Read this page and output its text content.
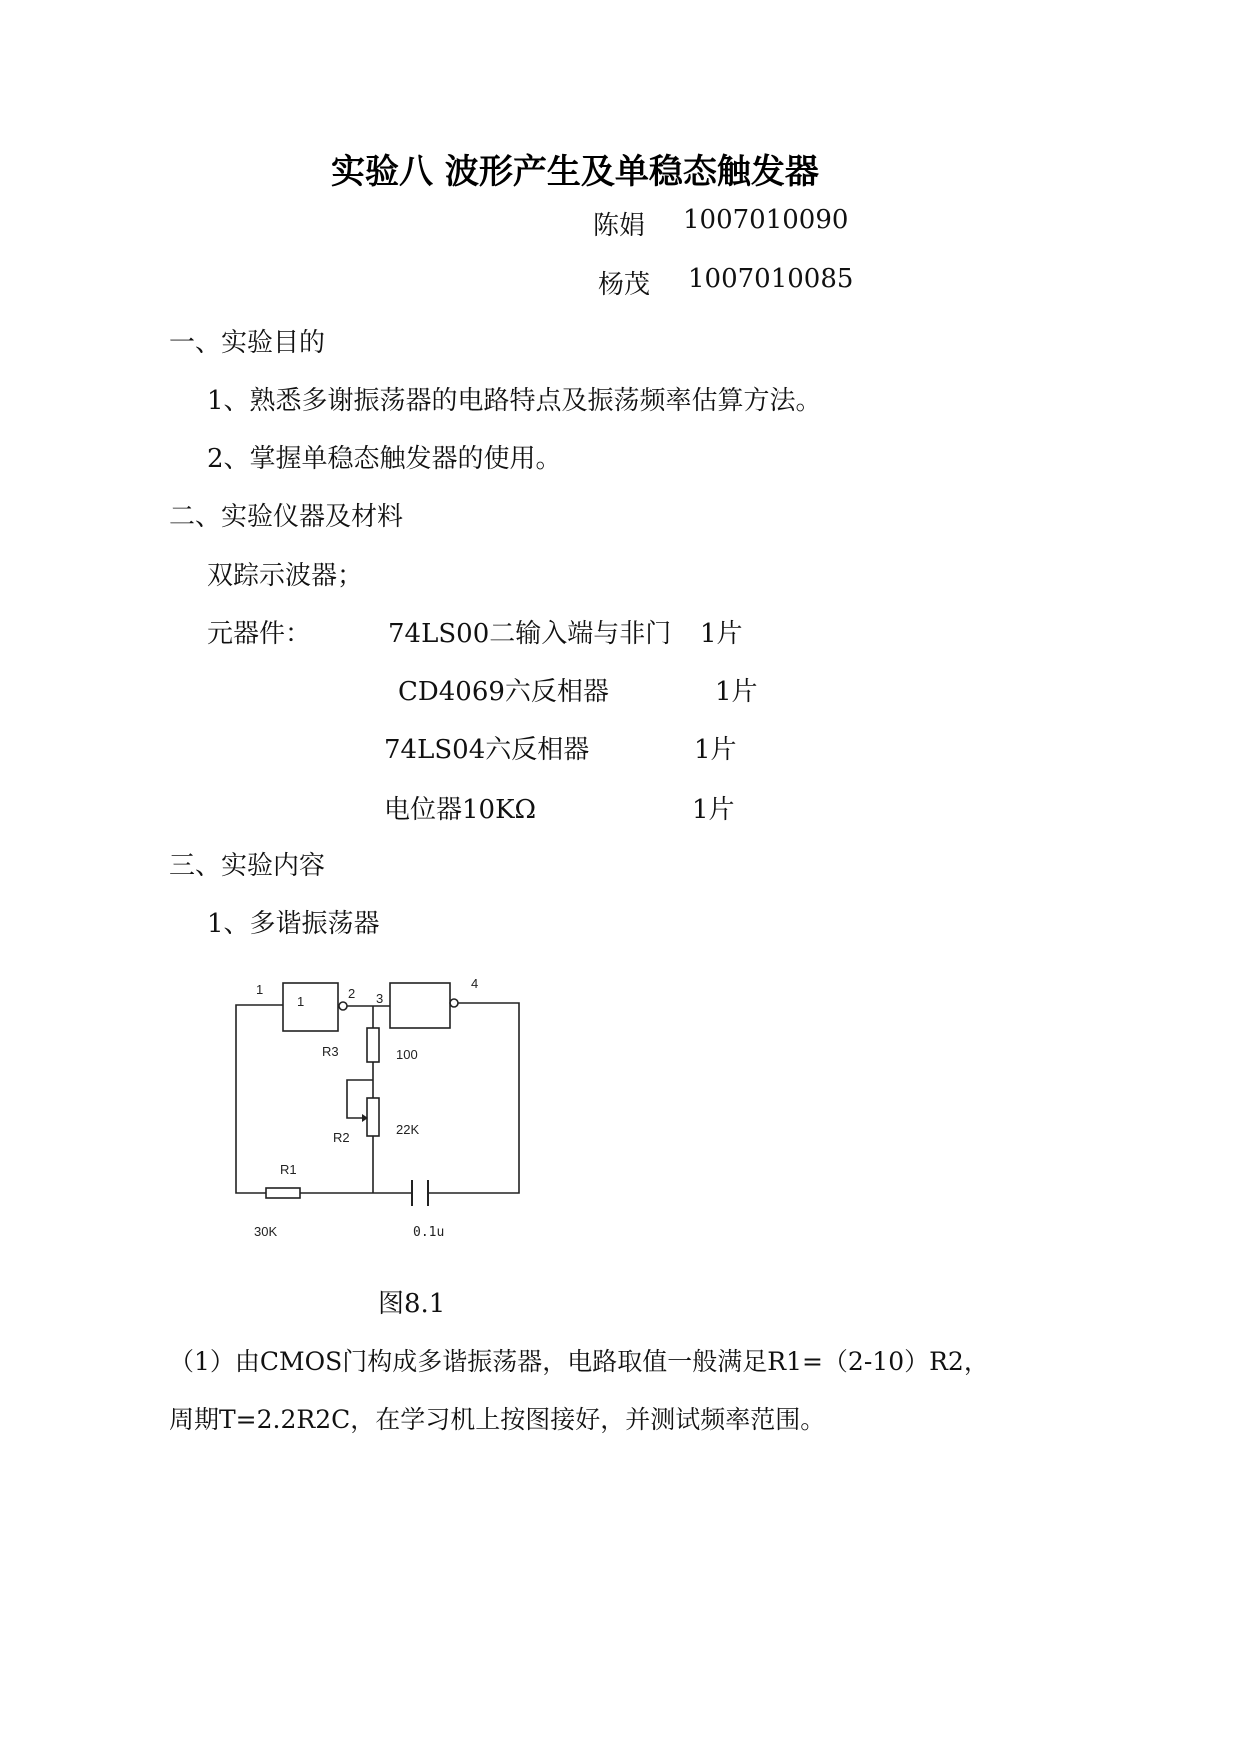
实验八 波形产生及单稳态触发器
陈娟 1007010090
杨茂 1007010085
一、实验目的
1、熟悉多谢振荡器的电路特点及振荡频率估算方法。
2、掌握单稳态触发器的使用。
二、实验仪器及材料
双踪示波器；
元器件：	74LS00二输入端与非门 1片
CD4069六反相器	1片
74LS04六反相器	1片
电位器10KΩ	1片
三、实验内容
1、多谐振荡器
1
1
2 3
4
R3	100
R2
22K
R1
30K	0.1u
图8.1
（1）由CMOS门构成多谐振荡器，电路取值一般满足R1=（2-10）R2，
周期T=2.2R2C，在学习机上按图接好，并测试频率范围。
